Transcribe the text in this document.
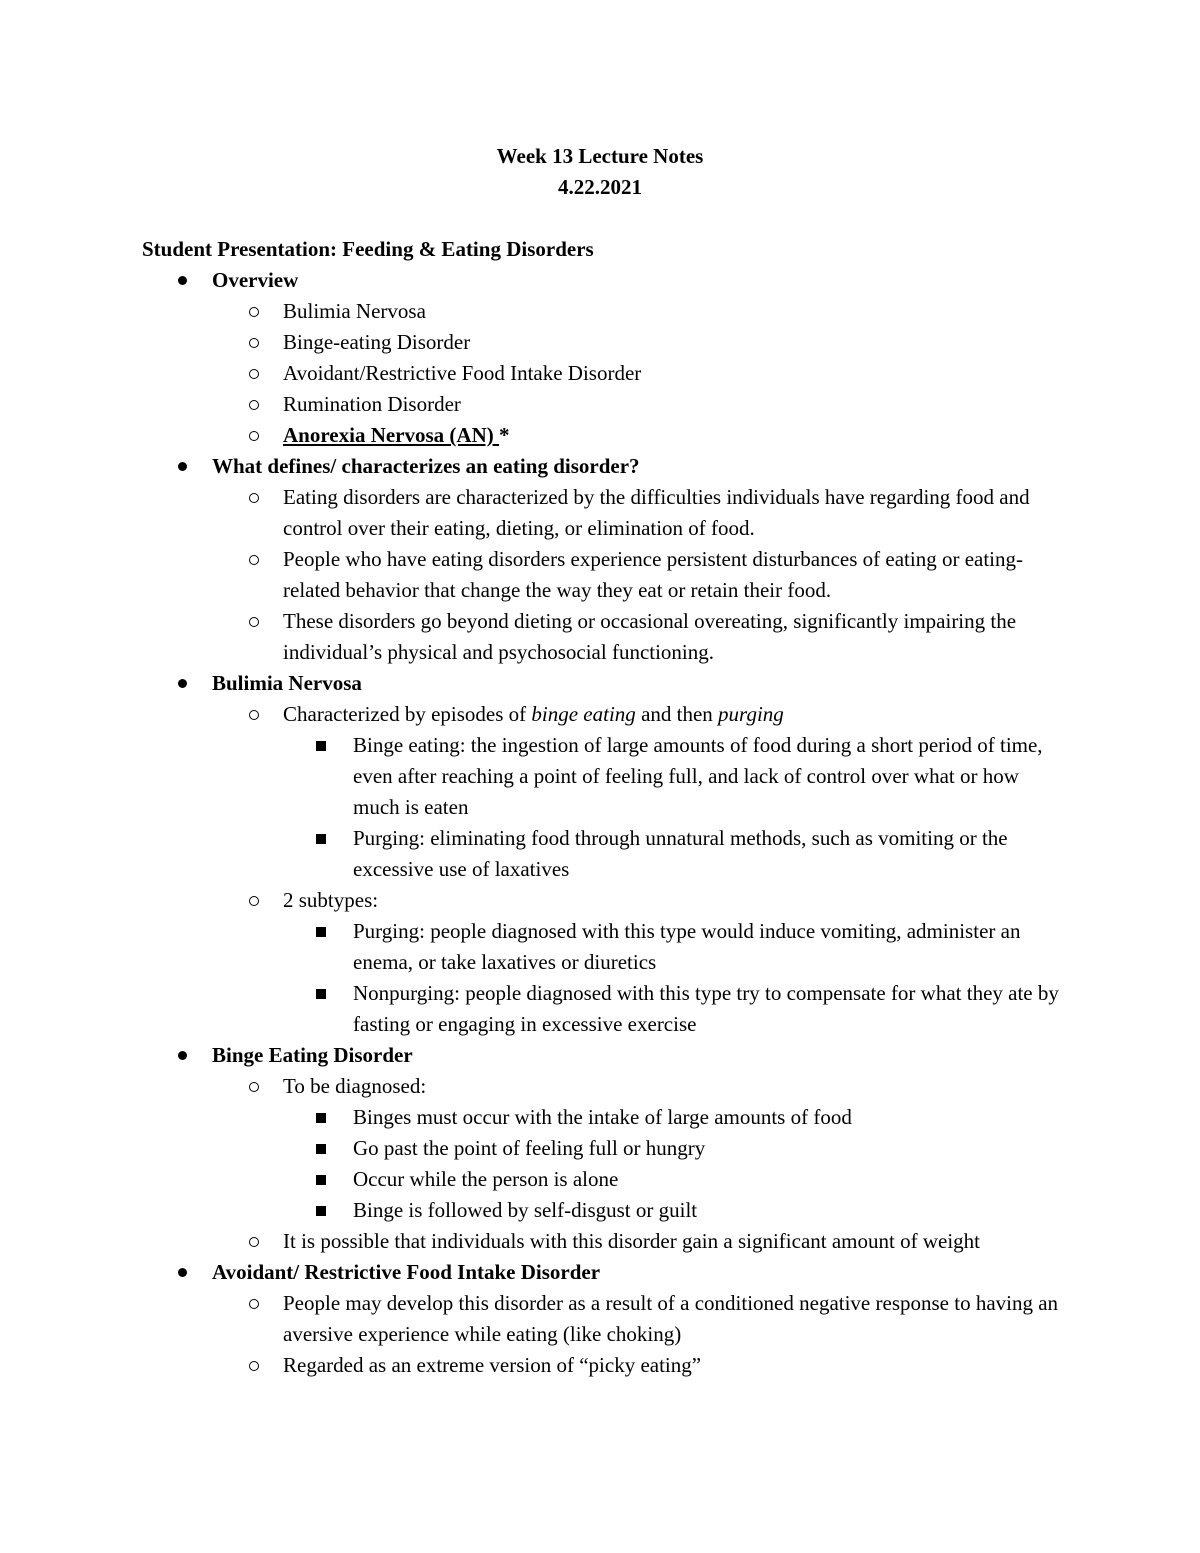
Week 13 Lecture Notes
4.22.2021
Student Presentation: Feeding & Eating Disorders
Overview
Bulimia Nervosa
Binge-eating Disorder
Avoidant/Restrictive Food Intake Disorder
Rumination Disorder
Anorexia Nervosa (AN) *
What defines/ characterizes an eating disorder?
Eating disorders are characterized by the difficulties individuals have regarding food and control over their eating, dieting, or elimination of food.
People who have eating disorders experience persistent disturbances of eating or eating-related behavior that change the way they eat or retain their food.
These disorders go beyond dieting or occasional overeating, significantly impairing the individual’s physical and psychosocial functioning.
Bulimia Nervosa
Characterized by episodes of binge eating and then purging
Binge eating: the ingestion of large amounts of food during a short period of time, even after reaching a point of feeling full, and lack of control over what or how much is eaten
Purging: eliminating food through unnatural methods, such as vomiting or the excessive use of laxatives
2 subtypes:
Purging: people diagnosed with this type would induce vomiting, administer an enema, or take laxatives or diuretics
Nonpurging: people diagnosed with this type try to compensate for what they ate by fasting or engaging in excessive exercise
Binge Eating Disorder
To be diagnosed:
Binges must occur with the intake of large amounts of food
Go past the point of feeling full or hungry
Occur while the person is alone
Binge is followed by self-disgust or guilt
It is possible that individuals with this disorder gain a significant amount of weight
Avoidant/ Restrictive Food Intake Disorder
People may develop this disorder as a result of a conditioned negative response to having an aversive experience while eating (like choking)
Regarded as an extreme version of “picky eating”
